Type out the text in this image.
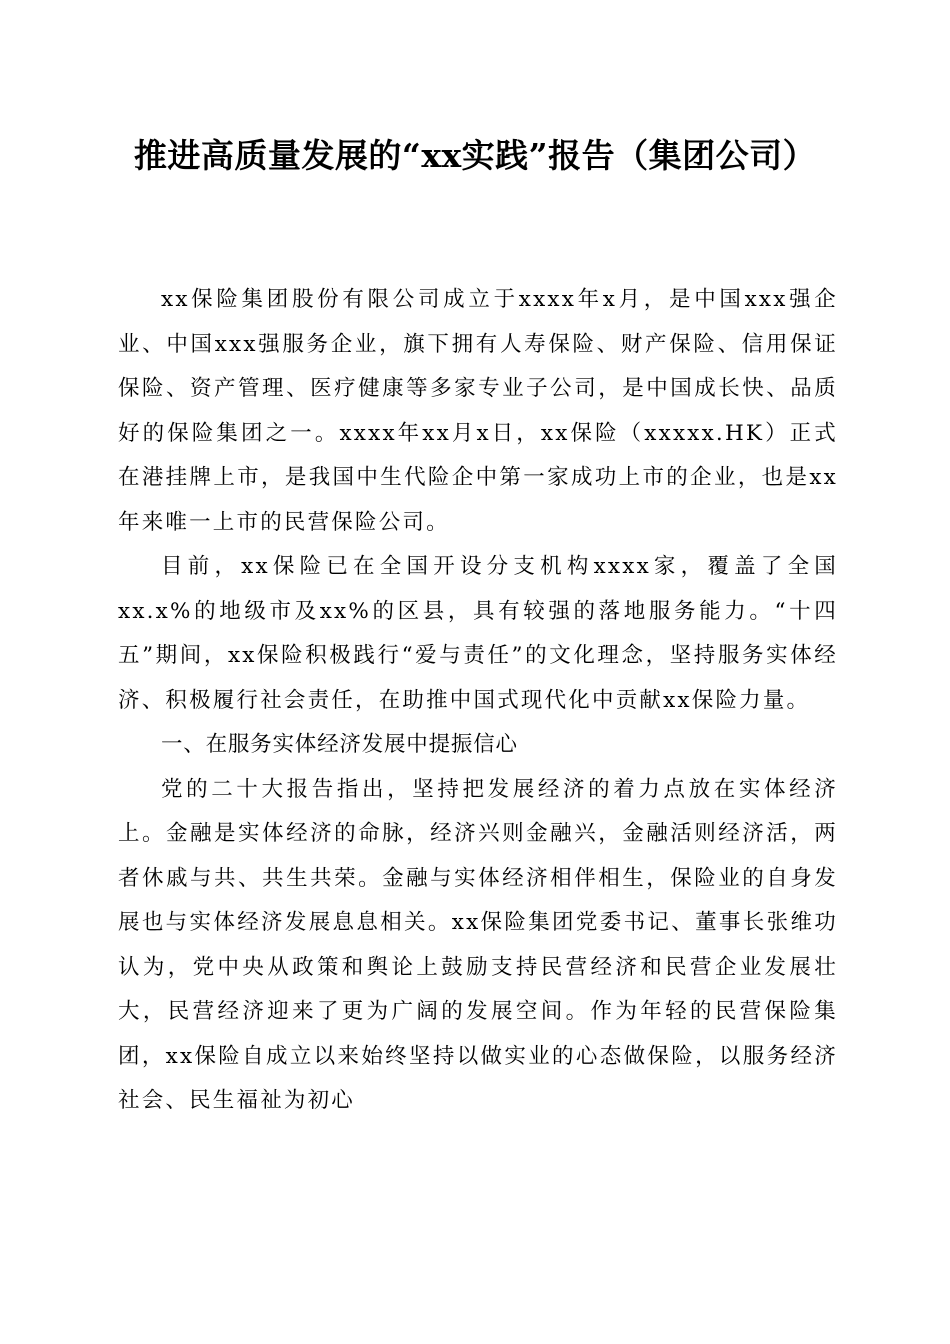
推进高质量发展的“xx实践”报告（集团公司）

xx保险集团股份有限公司成立于xxxx年x月，是中国xxx强企业、中国xxx强服务企业，旗下拥有人寿保险、财产保险、信用保证保险、资产管理、医疗健康等多家专业子公司，是中国成长快、品质好的保险集团之一。xxxx年xx月x日，xx保险（xxxxx.HK）正式在港挂牌上市，是我国中生代险企中第一家成功上市的企业，也是xx年来唯一上市的民营保险公司。

目前，xx保险已在全国开设分支机构xxxx家，覆盖了全国xx.x%的地级市及xx%的区县，具有较强的落地服务能力。“十四五”期间，xx保险积极践行“爱与责任”的文化理念，坚持服务实体经济、积极履行社会责任，在助推中国式现代化中贡献xx保险力量。

一、在服务实体经济发展中提振信心

党的二十大报告指出，坚持把发展经济的着力点放在实体经济上。金融是实体经济的命脉，经济兴则金融兴，金融活则经济活，两者休戚与共、共生共荣。金融与实体经济相伴相生，保险业的自身发展也与实体经济发展息息相关。xx保险集团党委书记、董事长张维功认为，党中央从政策和舆论上鼓励支持民营经济和民营企业发展壮大，民营经济迎来了更为广阔的发展空间。作为年轻的民营保险集团，xx保险自成立以来始终坚持以做实业的心态做保险，以服务经济社会、民生福祉为初心
